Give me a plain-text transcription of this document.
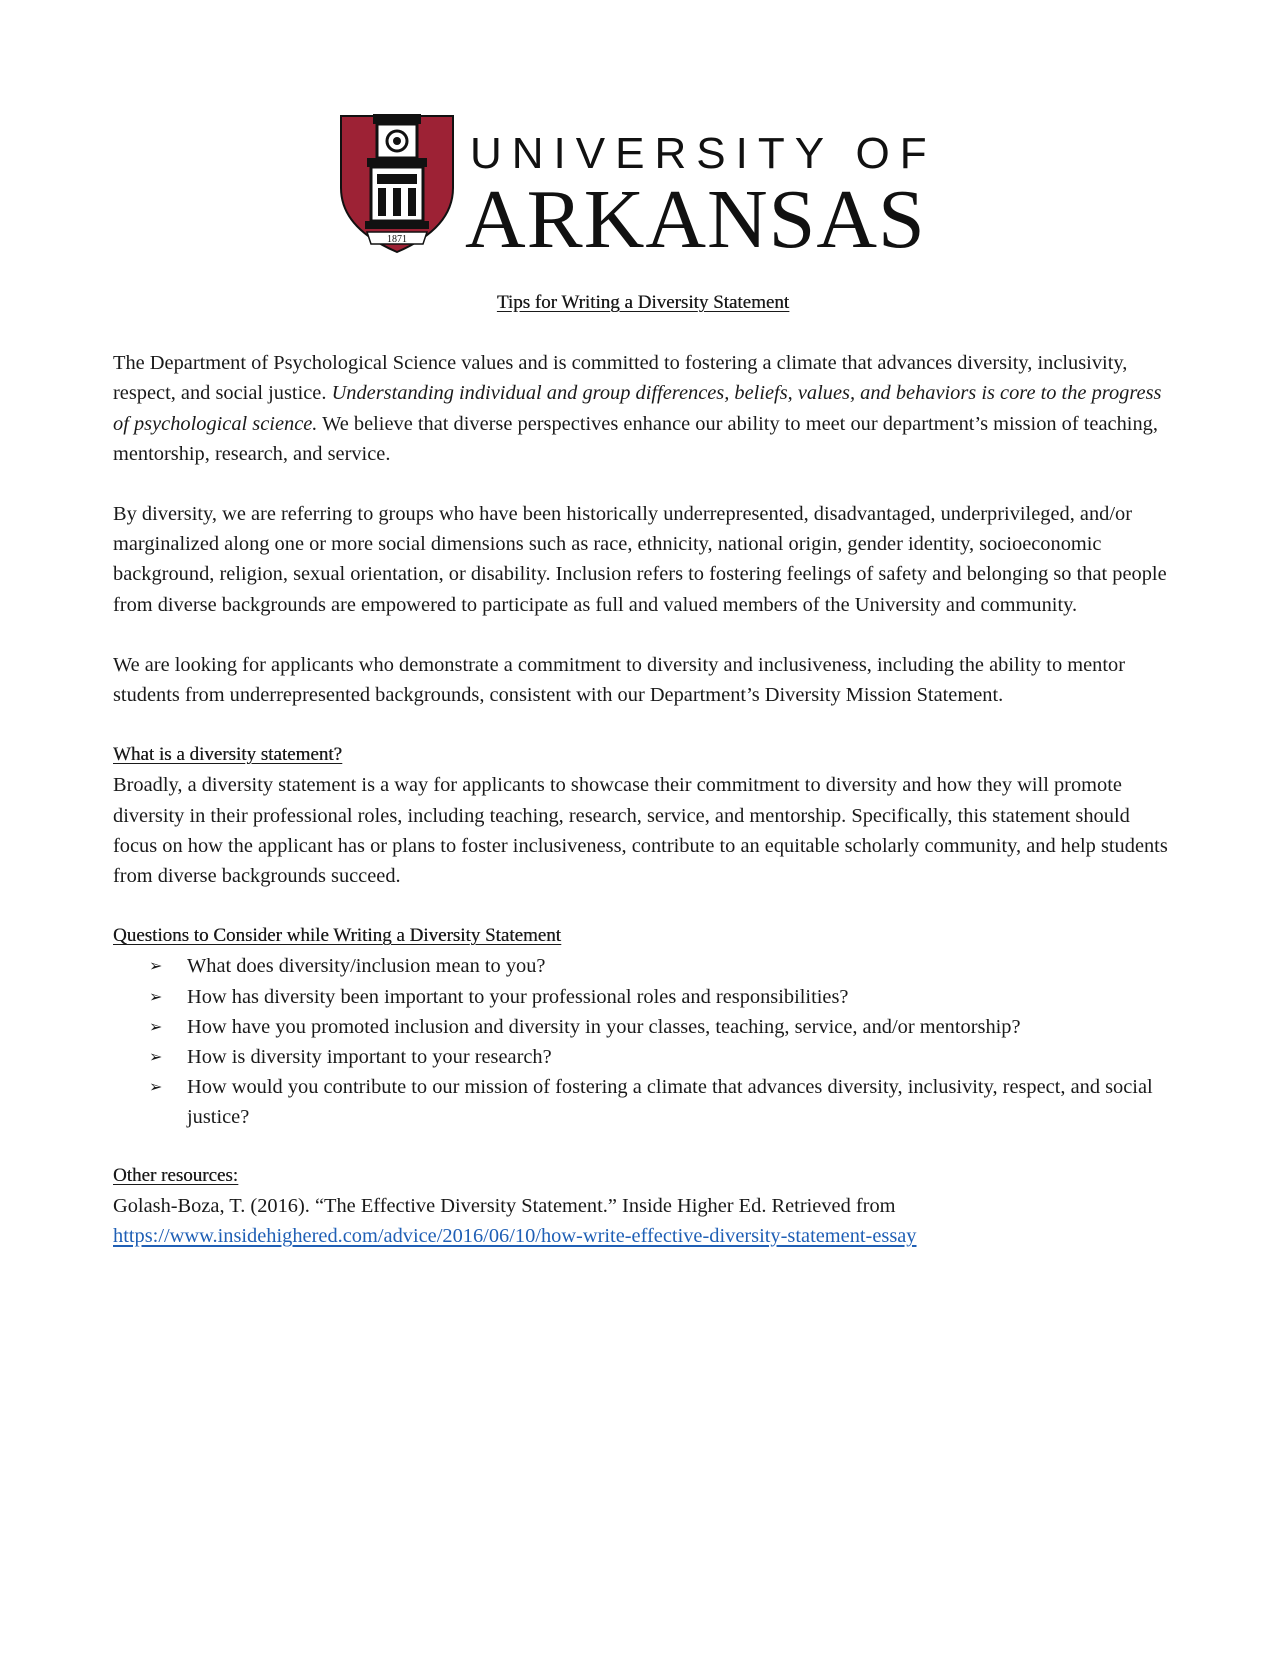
1871
UNIVERSITY OF
ARKANSAS
Tips for Writing a Diversity Statement

The Department of Psychological Science values and is committed to fostering a climate that advances diversity, inclusivity, respect, and social justice. Understanding individual and group differences, beliefs, values, and behaviors is core to the progress of psychological science. We believe that diverse perspectives enhance our ability to meet our department’s mission of teaching, mentorship, research, and service.

By diversity, we are referring to groups who have been historically underrepresented, disadvantaged, underprivileged, and/or marginalized along one or more social dimensions such as race, ethnicity, national origin, gender identity, socioeconomic background, religion, sexual orientation, or disability. Inclusion refers to fostering feelings of safety and belonging so that people from diverse backgrounds are empowered to participate as full and valued members of the University and community.

We are looking for applicants who demonstrate a commitment to diversity and inclusiveness, including the ability to mentor students from underrepresented backgrounds, consistent with our Department’s Diversity Mission Statement.

What is a diversity statement?
Broadly, a diversity statement is a way for applicants to showcase their commitment to diversity and how they will promote diversity in their professional roles, including teaching, research, service, and mentorship. Specifically, this statement should focus on how the applicant has or plans to foster inclusiveness, contribute to an equitable scholarly community, and help students from diverse backgrounds succeed.
Questions to Consider while Writing a Diversity Statement
➢ What does diversity/inclusion mean to you?
➢ How has diversity been important to your professional roles and responsibilities?
➢ How have you promoted inclusion and diversity in your classes, teaching, service, and/or mentorship?
➢ How is diversity important to your research?
➢ How would you contribute to our mission of fostering a climate that advances diversity, inclusivity, respect, and social justice?
Other resources:
Golash-Boza, T. (2016). “The Effective Diversity Statement.” Inside Higher Ed. Retrieved from
https://www.insidehighered.com/advice/2016/06/10/how-write-effective-diversity-statement-essay
